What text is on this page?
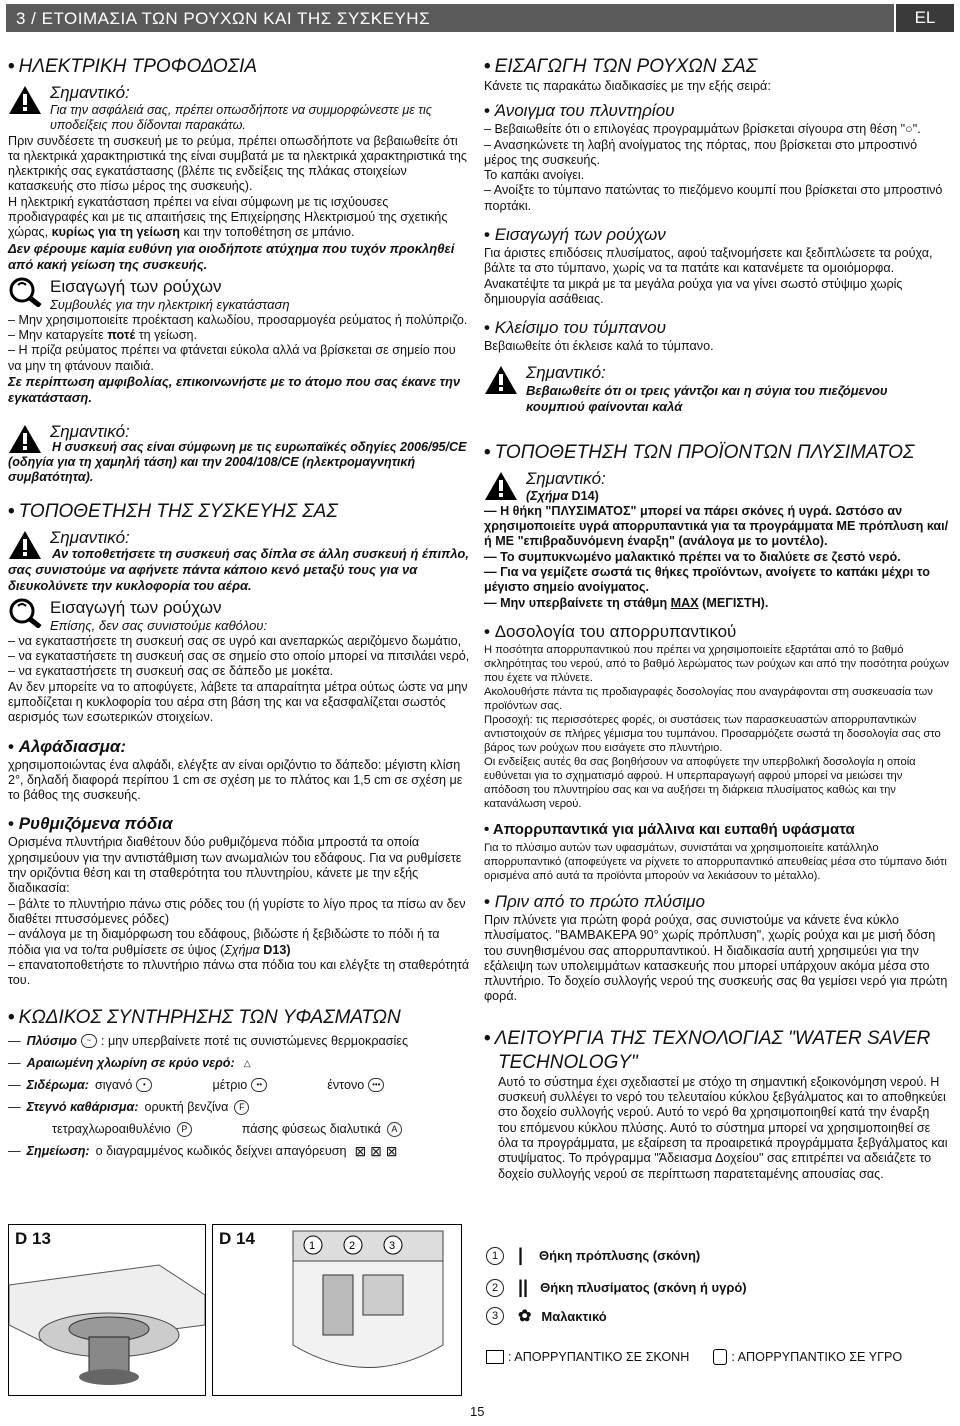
3 / ΕΤΟΙΜΑΣΙΑ ΤΩΝ ΡΟΥΧΩΝ ΚΑΙ ΤΗΣ ΣΥΣΚΕΥΗΣ	EL
• ΗΛΕΚΤΡΙΚΗ ΤΡΟΦΟΔΟΣΙΑ
Σημαντικό:

Για την ασφάλειά σας, πρέπει οπωσδήποτε να συμμορφώνεστε με τις υποδείξεις που δίδονται παρακάτω.

Πριν συνδέσετε τη συσκευή με το ρεύμα, πρέπει οπωσδήποτε να βεβαιωθείτε ότι τα ηλεκτρικά χαρακτηριστικά της είναι συμβατά με τα ηλεκτρικά χαρακτηριστικά της ηλεκτρικής σας εγκατάστασης (βλέπε τις ενδείξεις της πλάκας στοιχείων κατασκευής στο πίσω μέρος της συσκευής).

Η ηλεκτρική εγκατάσταση πρέπει να είναι σύμφωνη με τις ισχύουσες προδιαγραφές και με τις απαιτήσεις της Επιχείρησης Ηλεκτρισμού της σχετικής χώρας, κυρίως για τη γείωση και την τοποθέτηση σε μπάνιο.

Δεν φέρουμε καμία ευθύνη για οιοδήποτε ατύχημα που τυχόν προκληθεί από κακή γείωση της συσκευής.

Εισαγωγή των ρούχων
Συμβουλές για την ηλεκτρική εγκατάσταση

– Μην χρησιμοποιείτε προέκταση καλωδίου, προσαρμογέα ρεύματος ή πολύπριζο.

– Μην καταργείτε ποτέ τη γείωση.

– Η πρίζα ρεύματος πρέπει να φτάνεται εύκολα αλλά να βρίσκεται σε σημείο που να μην τη φτάνουν παιδιά.

Σε περίπτωση αμφιβολίας, επικοινωνήστε με το άτομο που σας έκανε την εγκατάσταση.

Σημαντικό:

Η συσκευή σας είναι σύμφωνη με τις ευρωπαϊκές οδηγίες 2006/95/CE (οδηγία για τη χαμηλή τάση) και την 2004/108/CE (ηλεκτρομαγνητική συμβατότητα).

• ΤΟΠΟΘΕΤΗΣΗ ΤΗΣ ΣΥΣΚΕΥΗΣ ΣΑΣ
Σημαντικό:

Αν τοποθετήσετε τη συσκευή σας δίπλα σε άλλη συσκευή ή έπιπλο, σας συνιστούμε να αφήνετε πάντα κάποιο κενό μεταξύ τους για να διευκολύνετε την κυκλοφορία του αέρα.

Εισαγωγή των ρούχων
Επίσης, δεν σας συνιστούμε καθόλου:

– να εγκαταστήσετε τη συσκευή σας σε υγρό και ανεπαρκώς αεριζόμενο δωμάτιο,

– να εγκαταστήσετε τη συσκευή σας σε σημείο στο οποίο μπορεί να πιτσιλάει νερό,

– να εγκαταστήσετε τη συσκευή σας σε δάπεδο με μοκέτα.

Αν δεν μπορείτε να το αποφύγετε, λάβετε τα απαραίτητα μέτρα ούτως ώστε να μην εμποδίζεται η κυκλοφορία του αέρα στη βάση της και να εξασφαλίζεται σωστός αερισμός των εσωτερικών στοιχείων.

• Αλφάδιασμα:

χρησιμοποιώντας ένα αλφάδι, ελέγξτε αν είναι οριζόντιο το δάπεδο: μέγιστη κλίση 2°, δηλαδή διαφορά περίπου 1 cm σε σχέση με το πλάτος και 1,5 cm σε σχέση με το βάθος της συσκευής.

• Ρυθμιζόμενα πόδια

Ορισμένα πλυντήρια διαθέτουν δύο ρυθμιζόμενα πόδια μπροστά τα οποία χρησιμεύουν για την αντιστάθμιση των ανωμαλιών του εδάφους. Για να ρυθμίσετε την οριζόντια θέση και τη σταθερότητα του πλυντηρίου, κάνετε με την εξής διαδικασία:

– βάλτε το πλυντήριο πάνω στις ρόδες του (ή γυρίστε το λίγο προς τα πίσω αν δεν διαθέτει πτυσσόμενες ρόδες)

– ανάλογα με τη διαμόρφωση του εδάφους, βιδώστε ή ξεβιδώστε το πόδι ή τα πόδια για να το/τα ρυθμίσετε σε ύψος (Σχήμα D13)

– επανατοποθετήστε το πλυντήριο πάνω στα πόδια του και ελέγξτε τη σταθερότητά του.

• ΚΩΔΙΚΟΣ ΣΥΝΤΗΡΗΣΗΣ ΤΩΝ ΥΦΑΣΜΑΤΩΝ
— Πλύσιμο	~ : μην υπερβαίνετε ποτέ τις συνιστώμενες θερμοκρασίες
— Αραιωμένη χλωρίνη σε κρύο νερό:	△
— Σιδέρωμα: σιγανό	•	μέτριο	••	έντονο •••
— Στεγνό καθάρισμα: ορυκτή βενζίνα	F
τετραχλωροαιθυλένιο	P	πάσης φύσεως διαλυτικά	A
— Σημείωση: ο διαγραμμένος κωδικός δείχνει απαγόρευση ⊠ ⊠ ⊠
D 13	D 14	1	2	3
• ΕΙΣΑΓΩΓΗ ΤΩΝ ΡΟΥΧΩΝ ΣΑΣ

Κάνετε τις παρακάτω διαδικασίες με την εξής σειρά:

• Άνοιγμα του πλυντηρίου

– Βεβαιωθείτε ότι ο επιλογέας προγραμμάτων βρίσκεται σίγουρα στη θέση "○".

– Ανασηκώνετε τη λαβή ανοίγματος της πόρτας, που βρίσκεται στο μπροστινό μέρος της συσκευής.

Το καπάκι ανοίγει.

– Ανοίξτε το τύμπανο πατώντας το πιεζόμενο κουμπί που βρίσκεται στο μπροστινό πορτάκι.

• Εισαγωγή των ρούχων

Για άριστες επιδόσεις πλυσίματος, αφού ταξινομήσετε και ξεδιπλώσετε τα ρούχα, βάλτε τα στο τύμπανο, χωρίς να τα πατάτε και κατανέμετε τα ομοιόμορφα. Ανακατέψτε τα μικρά με τα μεγάλα ρούχα για να γίνει σωστό στύψιμο χωρίς δημιουργία ασάθειας.

• Κλείσιμο του τύμπανου

Βεβαιωθείτε ότι έκλεισε καλά το τύμπανο.

Σημαντικό:

Βεβαιωθείτε ότι οι τρεις γάντζοι και η σύγια του πιεζόμενου κουμπιού φαίνονται καλά

• ΤΟΠΟΘΕΤΗΣΗ ΤΩΝ ΠΡΟΪΟΝΤΩΝ ΠΛΥΣΙΜΑΤΟΣ
Σημαντικό:

(Σχήμα D14)

— Η θήκη "ΠΛΥΣΙΜΑΤΟΣ" μπορεί να πάρει σκόνες ή υγρά. Ωστόσο αν χρησιμοποιείτε υγρά απορρυπαντικά για τα προγράμματα ΜΕ πρόπλυση και/ή ΜΕ "επιβραδυνόμενη έναρξη" (ανάλογα με το μοντέλο).

— Το συμπυκνωμένο μαλακτικό πρέπει να το διαλύετε σε ζεστό νερό.

— Για να γεμίζετε σωστά τις θήκες προϊόντων, ανοίγετε το καπάκι μέχρι το μέγιστο σημείο ανοίγματος.

— Μην υπερβαίνετε τη στάθμη ΜΑΧ (ΜΕΓΙΣΤΗ).

• Δοσολογία του απορρυπαντικού

Η ποσότητα απορρυπαντικού που πρέπει να χρησιμοποιείτε εξαρτάται από το βαθμό σκληρότητας του νερού, από το βαθμό λερώματος των ρούχων και από την ποσότητα ρούχων που έχετε να πλύνετε.

Ακολουθήστε πάντα τις προδιαγραφές δοσολογίας που αναγράφονται στη συσκευασία των προϊόντων σας.

Προσοχή: τις περισσότερες φορές, οι συστάσεις των παρασκευαστών απορρυπαντικών αντιστοιχούν σε πλήρες γέμισμα του τυμπάνου. Προσαρμόζετε σωστά τη δοσολογία σας στο βάρος των ρούχων που εισάγετε στο πλυντήριο.

Οι ενδείξεις αυτές θα σας βοηθήσουν να αποφύγετε την υπερβολική δοσολογία η οποία ευθύνεται για το σχηματισμό αφρού. Η υπερπαραγωγή αφρού μπορεί να μειώσει την απόδοση του πλυντηρίου σας και να αυξήσει τη διάρκεια πλυσίματος καθώς και την κατανάλωση νερού.

• Απορρυπαντικά για μάλλινα και ευπαθή υφάσματα

Για το πλύσιμο αυτών των υφασμάτων, συνιστάται να χρησιμοποιείτε κατάλληλο απορρυπαντικό (αποφεύγετε να ρίχνετε το απορρυπαντικό απευθείας μέσα στο τύμπανο διότι ορισμένα από αυτά τα προϊόντα μπορούν να λεκιάσουν το μέταλλο).

• Πριν από το πρώτο πλύσιμο

Πριν πλύνετε για πρώτη φορά ρούχα, σας συνιστούμε να κάνετε ένα κύκλο πλυσίματος. "ΒΑΜΒΑΚΕΡΑ 90° χωρίς πρόπλυση", χωρίς ρούχα και με μισή δόση του συνηθισμένου σας απορρυπαντικού. Η διαδικασία αυτή χρησιμεύει για την εξάλειψη των υπολειμμάτων κατασκευής που μπορεί υπάρχουν ακόμα μέσα στο πλυντήριο. Το δοχείο συλλογής νερού της συσκευής σας θα γεμίσει νερό για πρώτη φορά.

• ΛΕΙΤΟΥΡΓΙΑ ΤΗΣ ΤΕΧΝΟΛΟΓΙΑΣ "WATER SAVER
TECHNOLOGY"

Αυτό το σύστημα έχει σχεδιαστεί με στόχο τη σημαντική εξοικονόμηση νερού. Η συσκευή συλλέγει το νερό του τελευταίου κύκλου ξεβγάλματος και το αποθηκεύει στο δοχείο συλλογής νερού. Αυτό το νερό θα χρησιμοποιηθεί κατά την έναρξη του επόμενου κύκλου πλύσης. Αυτό το σύστημα μπορεί να χρησιμοποιηθεί σε όλα τα προγράμματα, με εξαίρεση τα προαιρετικά προγράμματα ξεβγάλματος και στυψίματος. Το πρόγραμμα "Άδειασμα Δοχείου" σας επιτρέπει να αδειάζετε το δοχείο συλλογής νερού σε περίπτωση παρατεταμένης απουσίας σας.

1	| Θήκη πρόπλυσης (σκόνη)
2	|| Θήκη πλυσίματος (σκόνη ή υγρό)
3	✿ Μαλακτικό
: ΑΠΟΡΡΥΠΑΝΤΙΚΟ ΣΕ ΣΚΟΝΗ	: ΑΠΟΡΡΥΠΑΝΤΙΚΟ ΣΕ ΥΓΡΟ
15
